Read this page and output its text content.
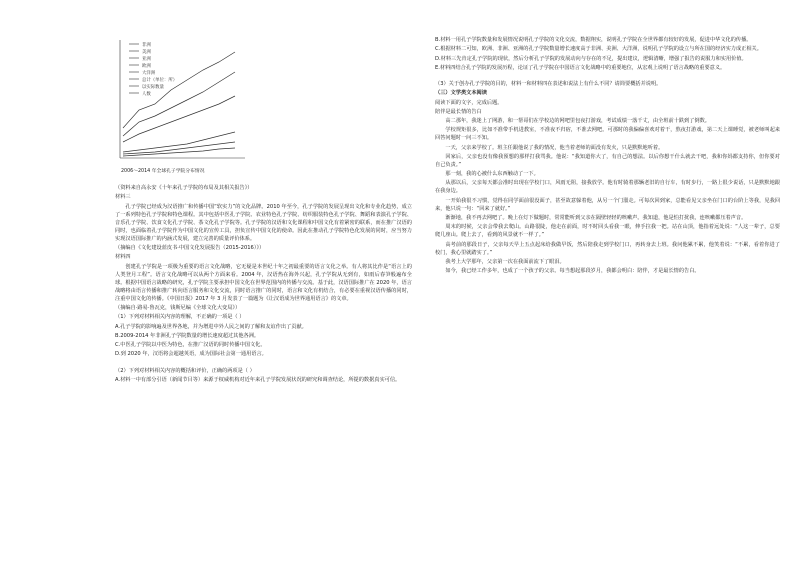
非洲
美洲
亚洲
欧洲
大洋洲
总计（单位：所）
以实际数量
人数
2006～2014 年全球孔子学院分布情况

（资料来自高永安《十年来孔子学院的布局及其相关报告》）

材料三

孔子学院已经成为汉语推广和传播中国“软实力”的文化品牌。2010 年至今，孔子学院的发展呈现出文化和专业化趋势，成立了一系列特色孔子学院和特色课程。其中包括中医孔子学院、农业特色孔子学院、纺织服装特色孔子学院、舞蹈和表演孔子学院、音乐孔子学院、饮食文化孔子学院、茶文化孔子学院等。孔子学院的汉语和文化课程和中国文化有着紧密的联系，而在推广汉语的同时，也面临着孔子学院作为中国文化的宣传工具，担负宣传中国文化的使命。因此在推动孔子学院特色化发展的同时，应当努力实现汉语国际推广的内涵式发展，建立完善的质量评价体系。

（摘编自《文化建设蓝皮书·中国文化发展报告（2015-2016）》）

材料四

创建孔子学院是一项极为重要的语言文化战略，它无疑是本世纪十年之初最重要的语言文化之举。有人将其比作是“语言上的人类登月工程”。语言文化战略可以从两个方面来看。2004 年，汉语热在海外兴起，孔子学院从无到有，如雨后春笋般遍布全球。根据中国语言战略的研究，孔子学院主要承担中国文化在世界范围内的传播与交流。基于此，汉语国际推广在 2020 年，语言战略将由语言传播和推广转向语言服务和文化交流，同时语言推广的同时，语言和文化有机结合，有必要在重视汉语传播的同时，注重中国文化的传播。《中国日报》2017 年 3 月发表了一篇题为《让汉语成为世界通用语言》的文章。

（摘编自·路易·鲁瓦克，钱斯尼编《全球文化大变局》）

（1）下列对材料相关内容的理解，不正确的一项是（ ）

A.孔子学院的影响遍及世界各地，并为增进中外人民之间的了解和友谊作出了贡献。

B.2009-2014 年非洲孔子学院数量的增长速度超过其他各洲。

C.中医孔子学院以中医为特色，在推广汉语的同时传播中国文化。

D.到 2020 年，汉语将会超越英语，成为国际社会第一通用语言。

（2）下列对材料相关内容的概括和评价，正确的两项是（ ）

A.材料一中有部分引语（新闻节目等）来源于权威机构对近年来孔子学院发展状况的研究和调查结论，所提的数据真实可信。

B.材料一用孔子学院数量和发展情况说明孔子学院的文化交流，数据翔实，说明孔子学院在全世界都有较好的发展，促进中华文化的传播。

C.根据材料二可知，欧洲、非洲、亚洲的孔子学院数量增长速度高于非洲、美洲、大洋洲，说明孔子学院的设立与所在国的经济实力成正相关。

D.材料三先肯定孔子学院的现状，然后分析孔子学院的发展动向与存在的不足，提出建议，逻辑清晰，增强了报告的说服力和实用价值。

E.材料四结合孔子学院的发展历程，论证了孔子学院在中国语言文化战略中的重要地位，从宏观上说明了语言战略的重要意义。

（3）关于创办孔子学院的目的，材料一和材料四在表述和说法上有什么不同？请简要概括并说明。

（三）文学类文本阅读

阅读下面的文字，完成后题。

陪伴是最长情的告白

高二那年，我迷上了网游，和一帮哥们在学校边的网吧里包夜打游戏，考试成绩一落千丈，由全班前十跌到了倒数。

学校规矩很多，比如不准带手机进教室，不准夜不归宿，不准去网吧。可那时的我偏偏喜欢对着干，熬夜打游戏，第二天上课睡觉，被老师叫起来回答问题时一问三不知。

一天，父亲来学校了。班主任跟他说了我的情况，他当着老师的面没有发火，只是默默地听着。

回家后，父亲也没有像我预想的那样打我骂我。他说：“我知道你大了，有自己的想法。以后你想干什么就去干吧，我和你妈都支持你，但你要对自己负责。”

那一刻，我的心被什么东西触动了一下。

从那以后，父亲每天都会准时出现在学校门口，风雨无阻，接我放学。他有时骑着那辆老旧的自行车，有时步行，一路上很少说话，只是默默地跟在我身边。

一开始我很不习惯，觉得在同学面前很没面子，甚至故意躲着他，从另一个门溜走。可每次回到家，总能看见父亲坐在门口的台阶上等我，见我回来，他只说一句：“回来了就好。”

渐渐地，我不再去网吧了。晚上在灯下做题时，常常能听到父亲在隔壁轻轻的咳嗽声。我知道，他是怕打扰我，连咳嗽都压着声音。

周末的时候，父亲会带我去爬山。山路很陡，他走在前面，时不时回头看我一眼，伸手拉我一把。站在山顶，他指着远处说：“人这一辈子，总要爬几座山。爬上去了，看到的风景就不一样了。”

高考前的那段日子，父亲每天早上五点起床给我做早饭，然后陪我走到学校门口，再转身去上班。我问他累不累，他笑着说：“不累，看着你进了校门，我心里就踏实了。”

我考上大学那年，父亲第一次在我面前流下了眼泪。

如今，我已经工作多年，也成了一个孩子的父亲。每当想起那段岁月，我都会明白：陪伴，才是最长情的告白。
